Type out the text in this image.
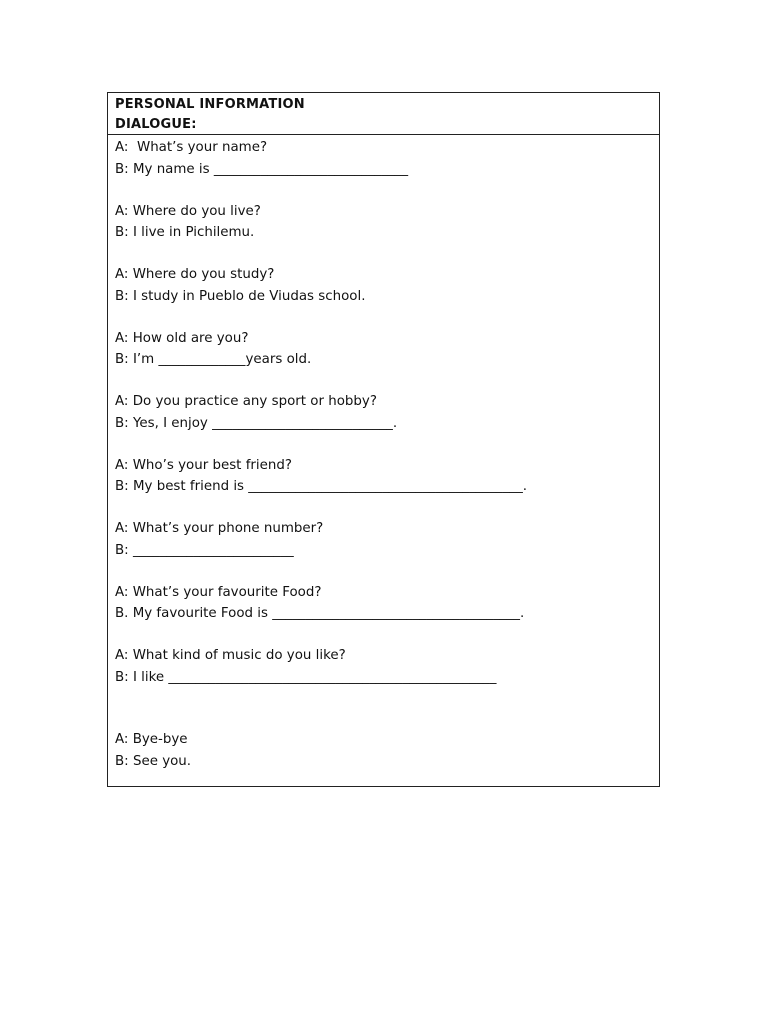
PERSONAL INFORMATION
DIALOGUE:
A:  What’s your name?
B: My name is _____________________________
A: Where do you live?
B: I live in Pichilemu.
A: Where do you study?
B: I study in Pueblo de Viudas school.
A: How old are you?
B: I’m _____________years old.
A: Do you practice any sport or hobby?
B: Yes, I enjoy ___________________________.
A: Who’s your best friend?
B: My best friend is _________________________________________.
A: What’s your phone number?
B: ________________________
A: What’s your favourite Food?
B. My favourite Food is _____________________________________.
A: What kind of music do you like?
B: I like _________________________________________________
A: Bye-bye
B: See you.
